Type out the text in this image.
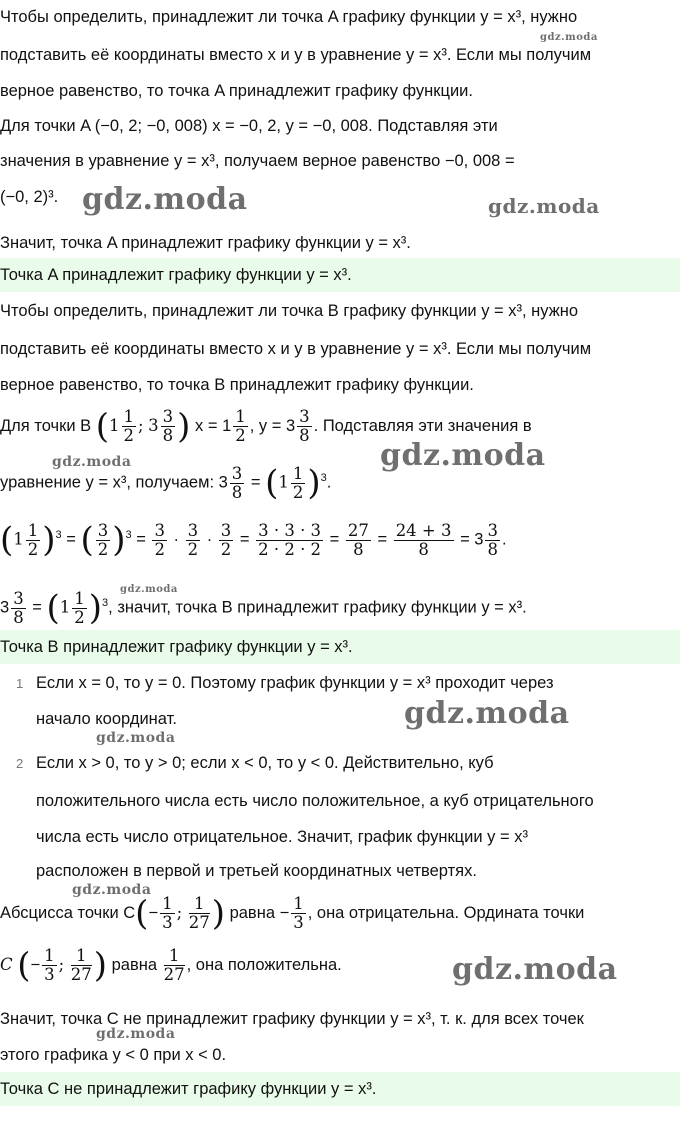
Чтобы определить, принадлежит ли точка A графику функции y = x³, нужно
подставить её координаты вместо x и y в уравнение y = x³. Если мы получим
верное равенство, то точка A принадлежит графику функции.
Для точки A (−0, 2; −0, 008) x = −0, 2, y = −0, 008. Подставляя эти
значения в уравнение y = x³, получаем верное равенство −0, 008 =
(−0, 2)³.
Значит, точка A принадлежит графику функции y = x³.
Точка A принадлежит графику функции y = x³.
Чтобы определить, принадлежит ли точка B графику функции y = x³, нужно
подставить её координаты вместо x и y в уравнение y = x³. Если мы получим
верное равенство, то точка B принадлежит графику функции.
Для точки B ($1 \frac{1}{2}$ ; $3 \frac{3}{8}$ ) $x = 1 \frac{1}{2}$ , $y = 3 \frac{3}{8}$ . Подставляя эти значения в
уравнение y = x³, получаем: $3 \frac{3}{8} = (1 \frac{1}{2} )^3$.
$(1 \frac{1}{2} )^3$ = ( $\frac{3}{2} )^3 = \frac{3}{2} \cdot \frac{3}{2} \cdot \frac{3}{2} = \frac{3 \cdot 3 \cdot 3}{2 \cdot 2 \cdot 2} = \frac{27}{8} = \frac{24 + 3}{8} = 3 \frac{3}{8}$ .
$3 \frac{3}{8} = (1 \frac{1}{2} )^3$, значит, точка B принадлежит графику функции y = x³.
Точка B принадлежит графику функции y = x³.
1 Если x = 0, то y = 0. Поэтому график функции y = x³ проходит через
начало координат.
2 Если x > 0, то y > 0; если x < 0, то y < 0. Действительно, куб
положительного числа есть число положительное, а куб отрицательного
числа есть число отрицательное. Значит, график функции y = x³
расположен в первой и третьей координатных четвертях.
Абсцисса точки $C(- \frac{1}{3}$ ; $\frac{1}{27}$ ) равна − $\frac{1}{3}$ , она отрицательна. Ордината точки
C (− $\frac{1}{3}$ ; $\frac{1}{27}$ ) равна $\frac{1}{27}$ , она положительна.
Значит, точка C не принадлежит графику функции y = x³, т. к. для всех точек
этого графика y < 0 при x < 0.
Точка C не принадлежит графику функции y = x³.
gdz.moda	gdz.moda
gdz.moda
gdz.moda	gdz.moda
gdz.moda
gdz.moda
gdz.moda
gdz.moda
gdz.moda
gdz.moda
